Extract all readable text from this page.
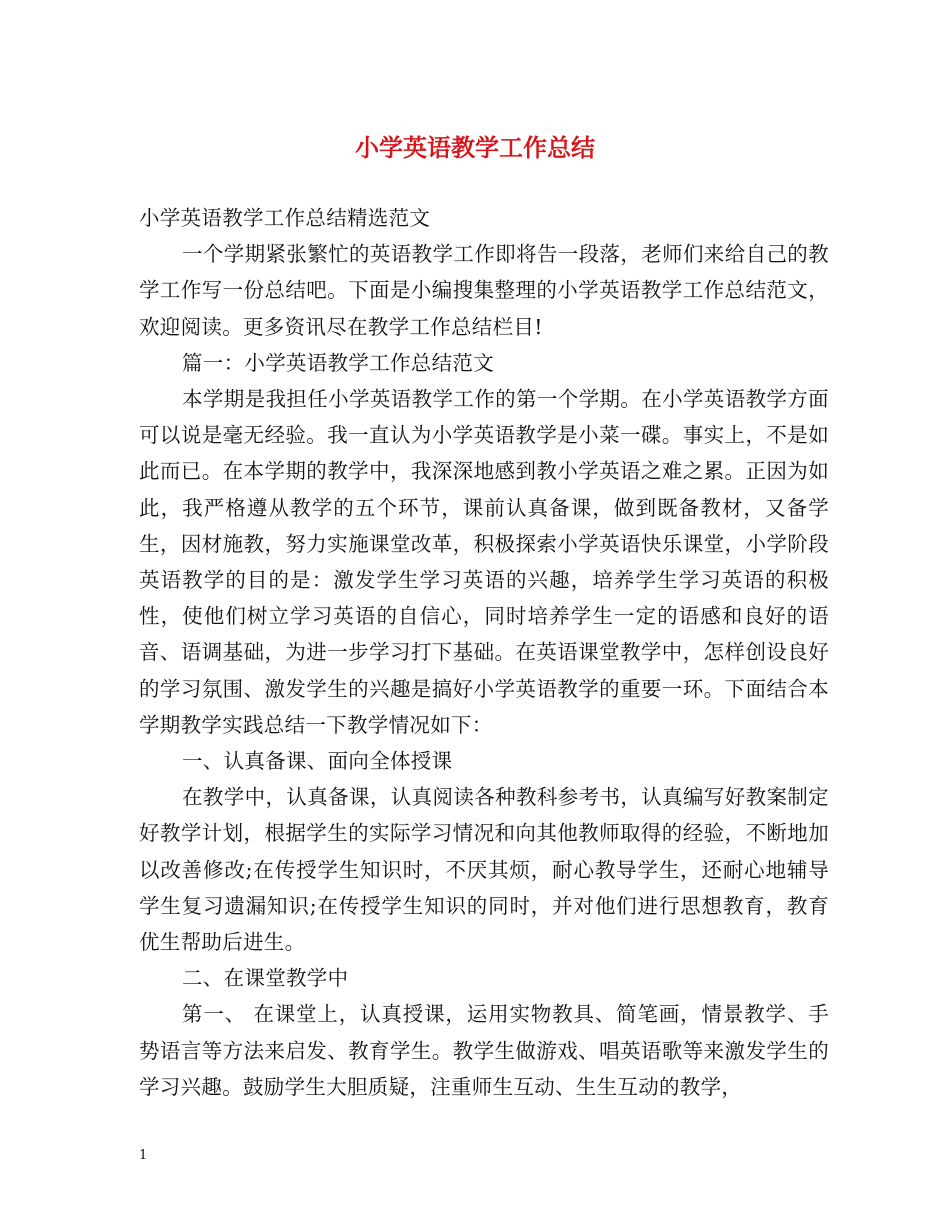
小学英语教学工作总结

小学英语教学工作总结精选范文

一个学期紧张繁忙的英语教学工作即将告一段落，老师们来给自己的教学工作写一份总结吧。下面是小编搜集整理的小学英语教学工作总结范文，欢迎阅读。更多资讯尽在教学工作总结栏目!

篇一：小学英语教学工作总结范文

本学期是我担任小学英语教学工作的第一个学期。在小学英语教学方面可以说是毫无经验。我一直认为小学英语教学是小菜一碟。事实上，不是如此而已。在本学期的教学中，我深深地感到教小学英语之难之累。正因为如此，我严格遵从教学的五个环节，课前认真备课，做到既备教材，又备学生，因材施教，努力实施课堂改革，积极探索小学英语快乐课堂，小学阶段英语教学的目的是：激发学生学习英语的兴趣，培养学生学习英语的积极性，使他们树立学习英语的自信心，同时培养学生一定的语感和良好的语音、语调基础，为进一步学习打下基础。在英语课堂教学中，怎样创设良好的学习氛围、激发学生的兴趣是搞好小学英语教学的重要一环。下面结合本学期教学实践总结一下教学情况如下：

一、认真备课、面向全体授课

在教学中，认真备课，认真阅读各种教科参考书，认真编写好教案制定好教学计划，根据学生的实际学习情况和向其他教师取得的经验，不断地加以改善修改;在传授学生知识时，不厌其烦，耐心教导学生，还耐心地辅导学生复习遗漏知识;在传授学生知识的同时，并对他们进行思想教育，教育优生帮助后进生。

二、在课堂教学中

第一、 在课堂上，认真授课，运用实物教具、简笔画，情景教学、手势语言等方法来启发、教育学生。教学生做游戏、唱英语歌等来激发学生的学习兴趣。鼓励学生大胆质疑，注重师生互动、生生互动的教学，

1
